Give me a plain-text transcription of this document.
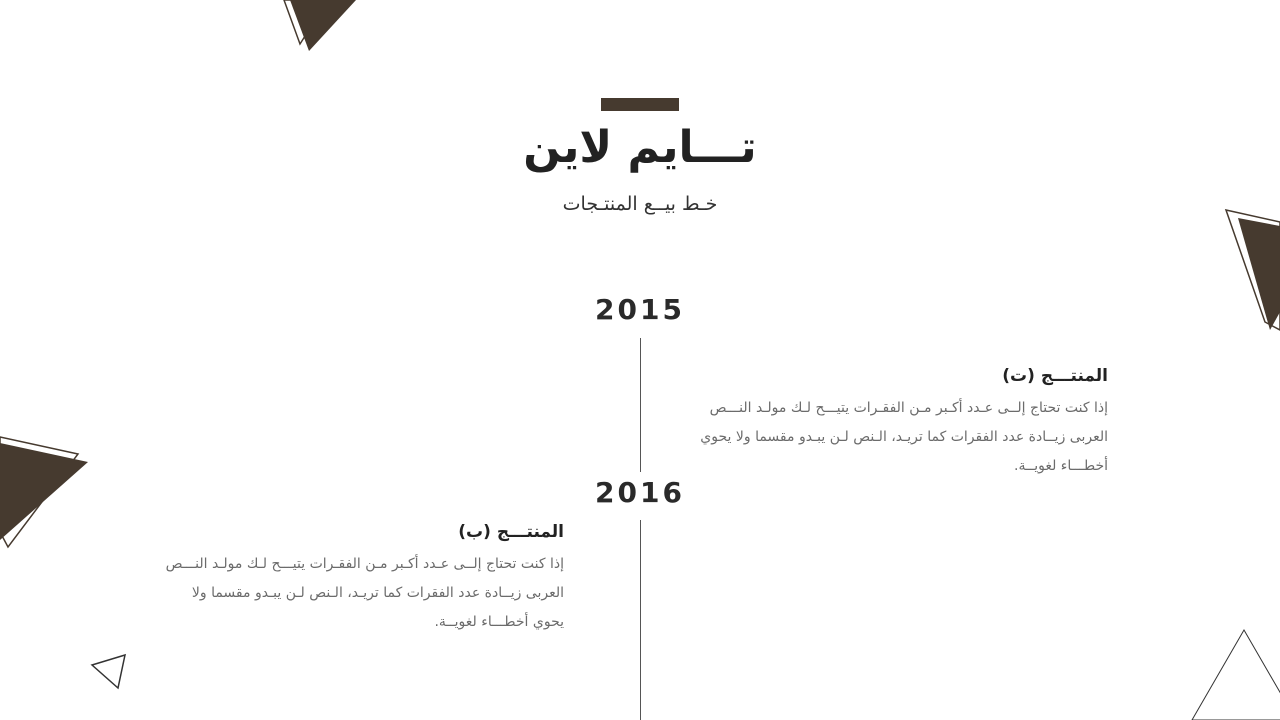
تـــايم لاين
خـط بيــع المنتـجات
2015
2016
المنتـــج (ت)
إذا كنت تحتاج إلــى عـدد أكـبر مـن الفقـرات يتيـــح لـك مولـد النـــص العربى زيــادة عدد الفقرات كما تريـد، الـنص لـن يبـدو مقسما ولا يحوي أخطـــاء لغويــة.
المنتـــج (ب)
إذا كنت تحتاج إلــى عـدد أكـبر مـن الفقـرات يتيـــح لـك مولـد النـــص العربى زيــادة عدد الفقرات كما تريـد، الـنص لـن يبـدو مقسما ولا يحوي أخطـــاء لغويــة.
